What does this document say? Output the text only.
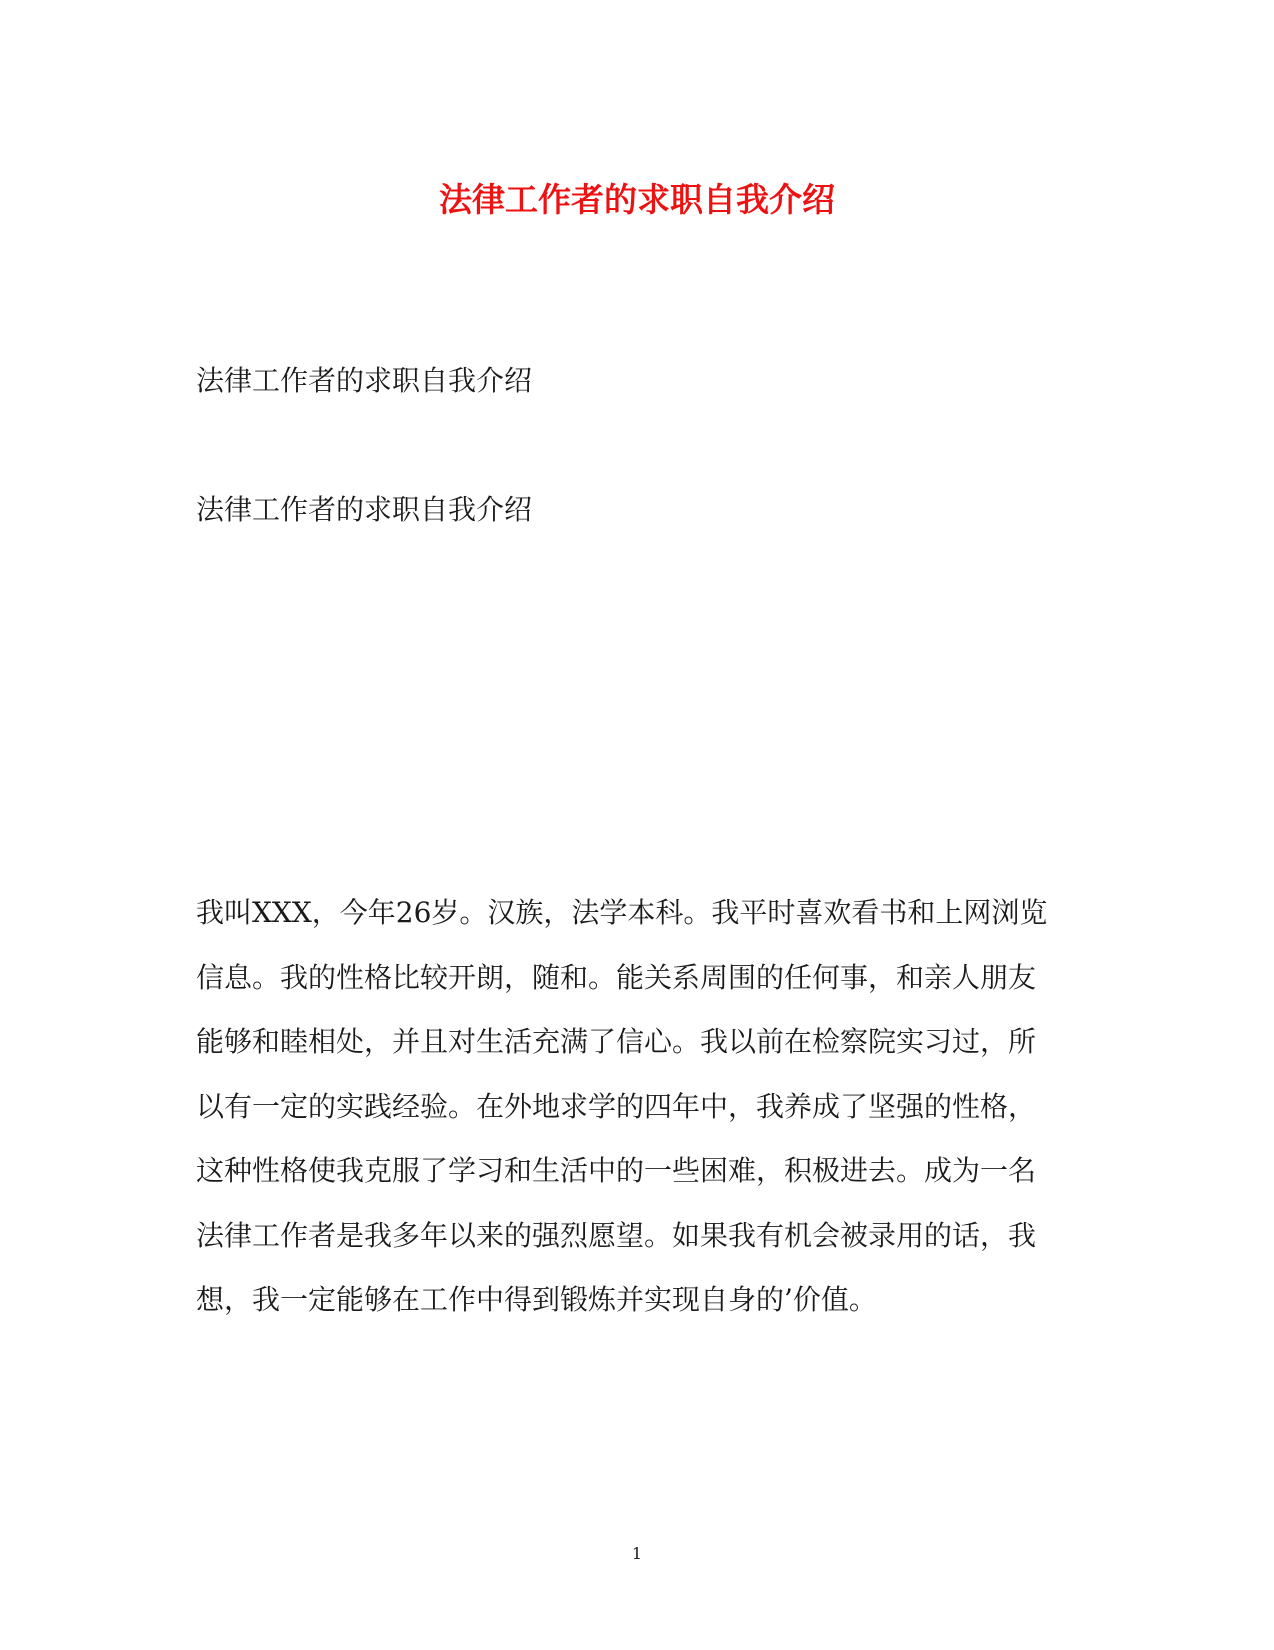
法律工作者的求职自我介绍

法律工作者的求职自我介绍

法律工作者的求职自我介绍

我叫XXX，今年26岁。汉族，法学本科。我平时喜欢看书和上网浏览
信息。我的性格比较开朗，随和。能关系周围的任何事，和亲人朋友
能够和睦相处，并且对生活充满了信心。我以前在检察院实习过，所
以有一定的实践经验。在外地求学的四年中，我养成了坚强的性格，
这种性格使我克服了学习和生活中的一些困难，积极进去。成为一名
法律工作者是我多年以来的强烈愿望。如果我有机会被录用的话，我
想，我一定能够在工作中得到锻炼并实现自身的’价值。
1
